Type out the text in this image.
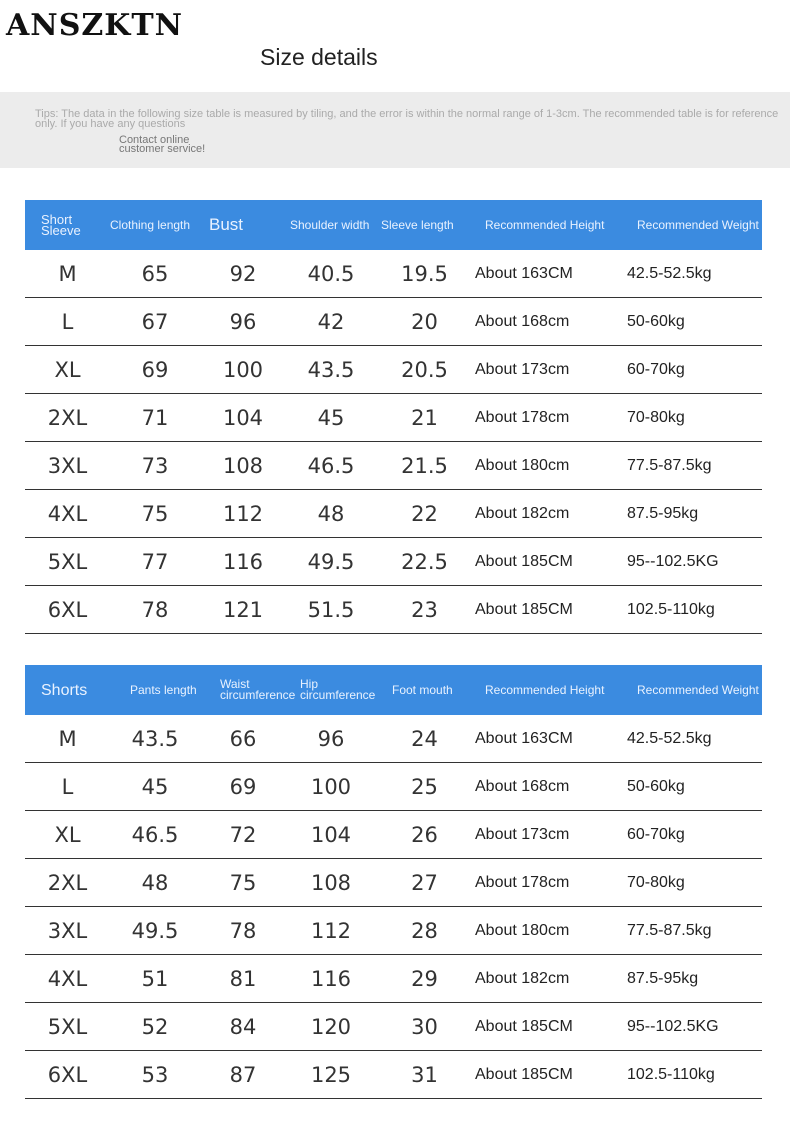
ANSZKTN
Size details
Tips: The data in the following size table is measured by tiling, and the error is within the normal range of 1-3cm. The recommended table is for reference only. If you have any questions
Contact online customer service!
Short Sleeve	Clothing length	Bust	Shoulder width	Sleeve length	Recommended Height	Recommended Weight
M	65	92	40.5	19.5	About 163CM	42.5-52.5kg
L	67	96	42	20	About 168cm	50-60kg
XL	69	100	43.5	20.5	About 173cm	60-70kg
2XL	71	104	45	21	About 178cm	70-80kg
3XL	73	108	46.5	21.5	About 180cm	77.5-87.5kg
4XL	75	112	48	22	About 182cm	87.5-95kg
5XL	77	116	49.5	22.5	About 185CM	95--102.5KG
6XL	78	121	51.5	23	About 185CM	102.5-110kg
Shorts	Pants length	Waist circumference	Hip circumference	Foot mouth	Recommended Height	Recommended Weight
M	43.5	66	96	24	About 163CM	42.5-52.5kg
L	45	69	100	25	About 168cm	50-60kg
XL	46.5	72	104	26	About 173cm	60-70kg
2XL	48	75	108	27	About 178cm	70-80kg
3XL	49.5	78	112	28	About 180cm	77.5-87.5kg
4XL	51	81	116	29	About 182cm	87.5-95kg
5XL	52	84	120	30	About 185CM	95--102.5KG
6XL	53	87	125	31	About 185CM	102.5-110kg
